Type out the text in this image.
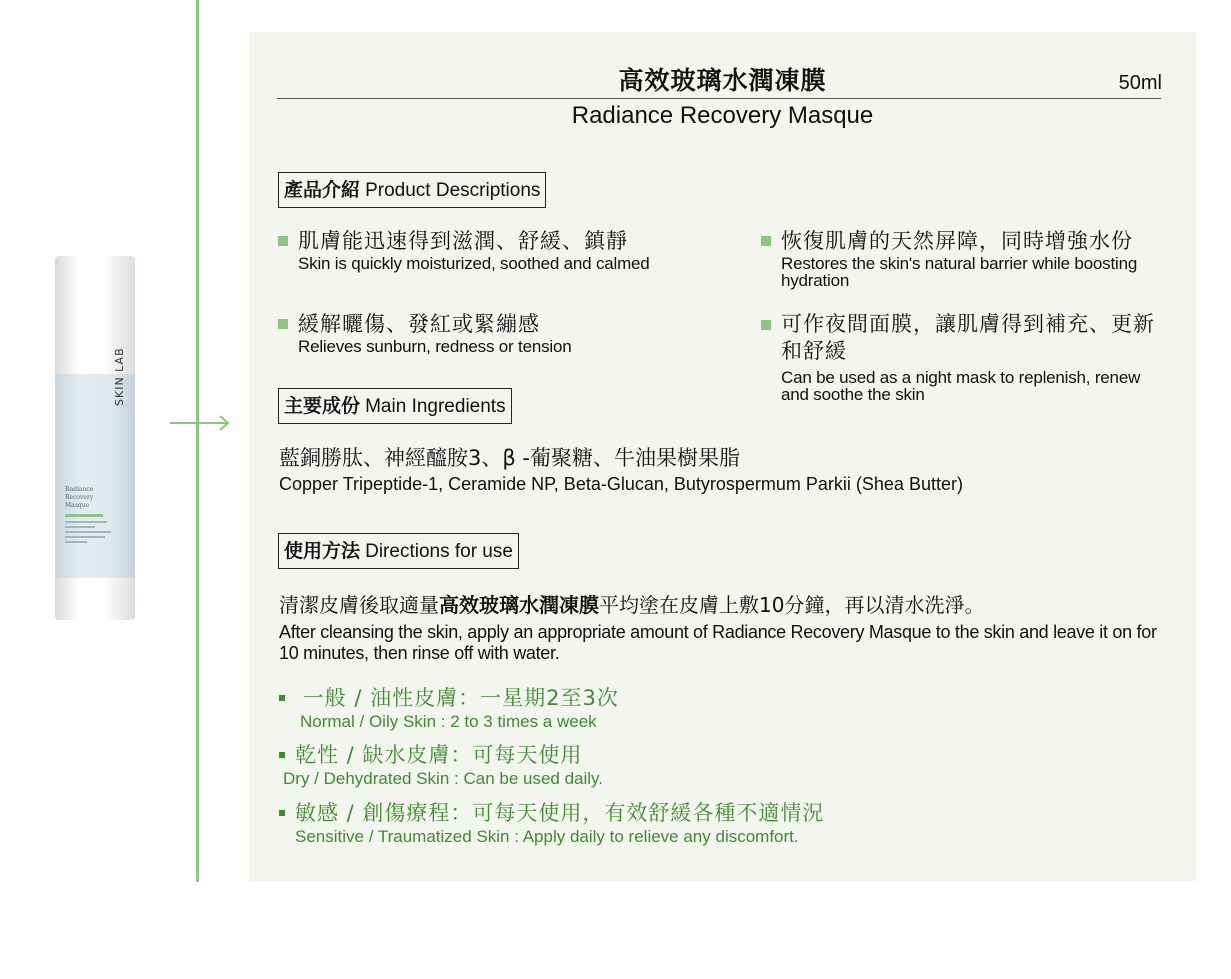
SKIN LAB
Radiance
Recovery
Masque
高效玻璃水潤凍膜	50ml
Radiance Recovery Masque
產品介紹 Product Descriptions
肌膚能迅速得到滋潤、舒緩、鎮靜
Skin is quickly moisturized, soothed and calmed
恢復肌膚的天然屏障，同時增強水份
Restores the skin's natural barrier while boosting hydration
緩解曬傷、發紅或緊繃感
Relieves sunburn, redness or tension
可作夜間面膜，讓肌膚得到補充、更新和舒緩
Can be used as a night mask to replenish, renew and soothe the skin
主要成份 Main Ingredients
藍銅勝肽、神經醯胺3、β -葡聚糖、牛油果樹果脂
Copper Tripeptide-1, Ceramide NP, Beta-Glucan, Butyrospermum Parkii (Shea Butter)
使用方法 Directions for use
清潔皮膚後取適量高效玻璃水潤凍膜平均塗在皮膚上敷10分鐘，再以清水洗淨。
After cleansing the skin, apply an appropriate amount of Radiance Recovery Masque to the skin and leave it on for 10 minutes, then rinse off with water.
一般 / 油性皮膚：一星期2至3次
Normal / Oily Skin : 2 to 3 times a week
乾性 / 缺水皮膚：可每天使用
Dry / Dehydrated Skin : Can be used daily.
敏感 / 創傷療程：可每天使用，有效舒緩各種不適情況
Sensitive / Traumatized Skin : Apply daily to relieve any discomfort.
